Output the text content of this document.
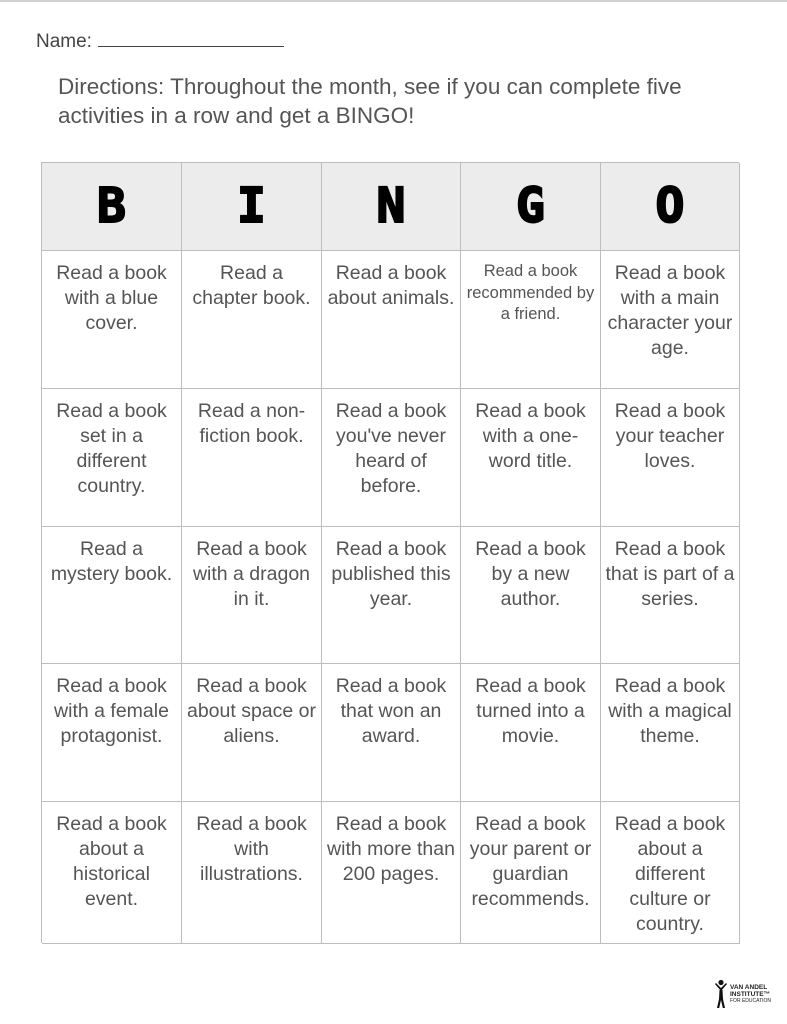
Name:
Directions: Throughout the month, see if you can complete five activities in a row and get a BINGO!
B I N G O
Read a book with a blue cover.
Read a chapter book.
Read a book about animals.
Read a book recommended by a friend.
Read a book with a main character your age.
Read a book set in a different country.
Read a non-fiction book.
Read a book you've never heard of before.
Read a book with a one-word title.
Read a book your teacher loves.
Read a mystery book.
Read a book with a dragon in it.
Read a book published this year.
Read a book by a new author.
Read a book that is part of a series.
Read a book with a female protagonist.
Read a book about space or aliens.
Read a book that won an award.
Read a book turned into a movie.
Read a book with a magical theme.
Read a book about a historical event.
Read a book with illustrations.
Read a book with more than 200 pages.
Read a book your parent or guardian recommends.
Read a book about a different culture or country.
VAN ANDEL
INSTITUTE™
FOR EDUCATION
